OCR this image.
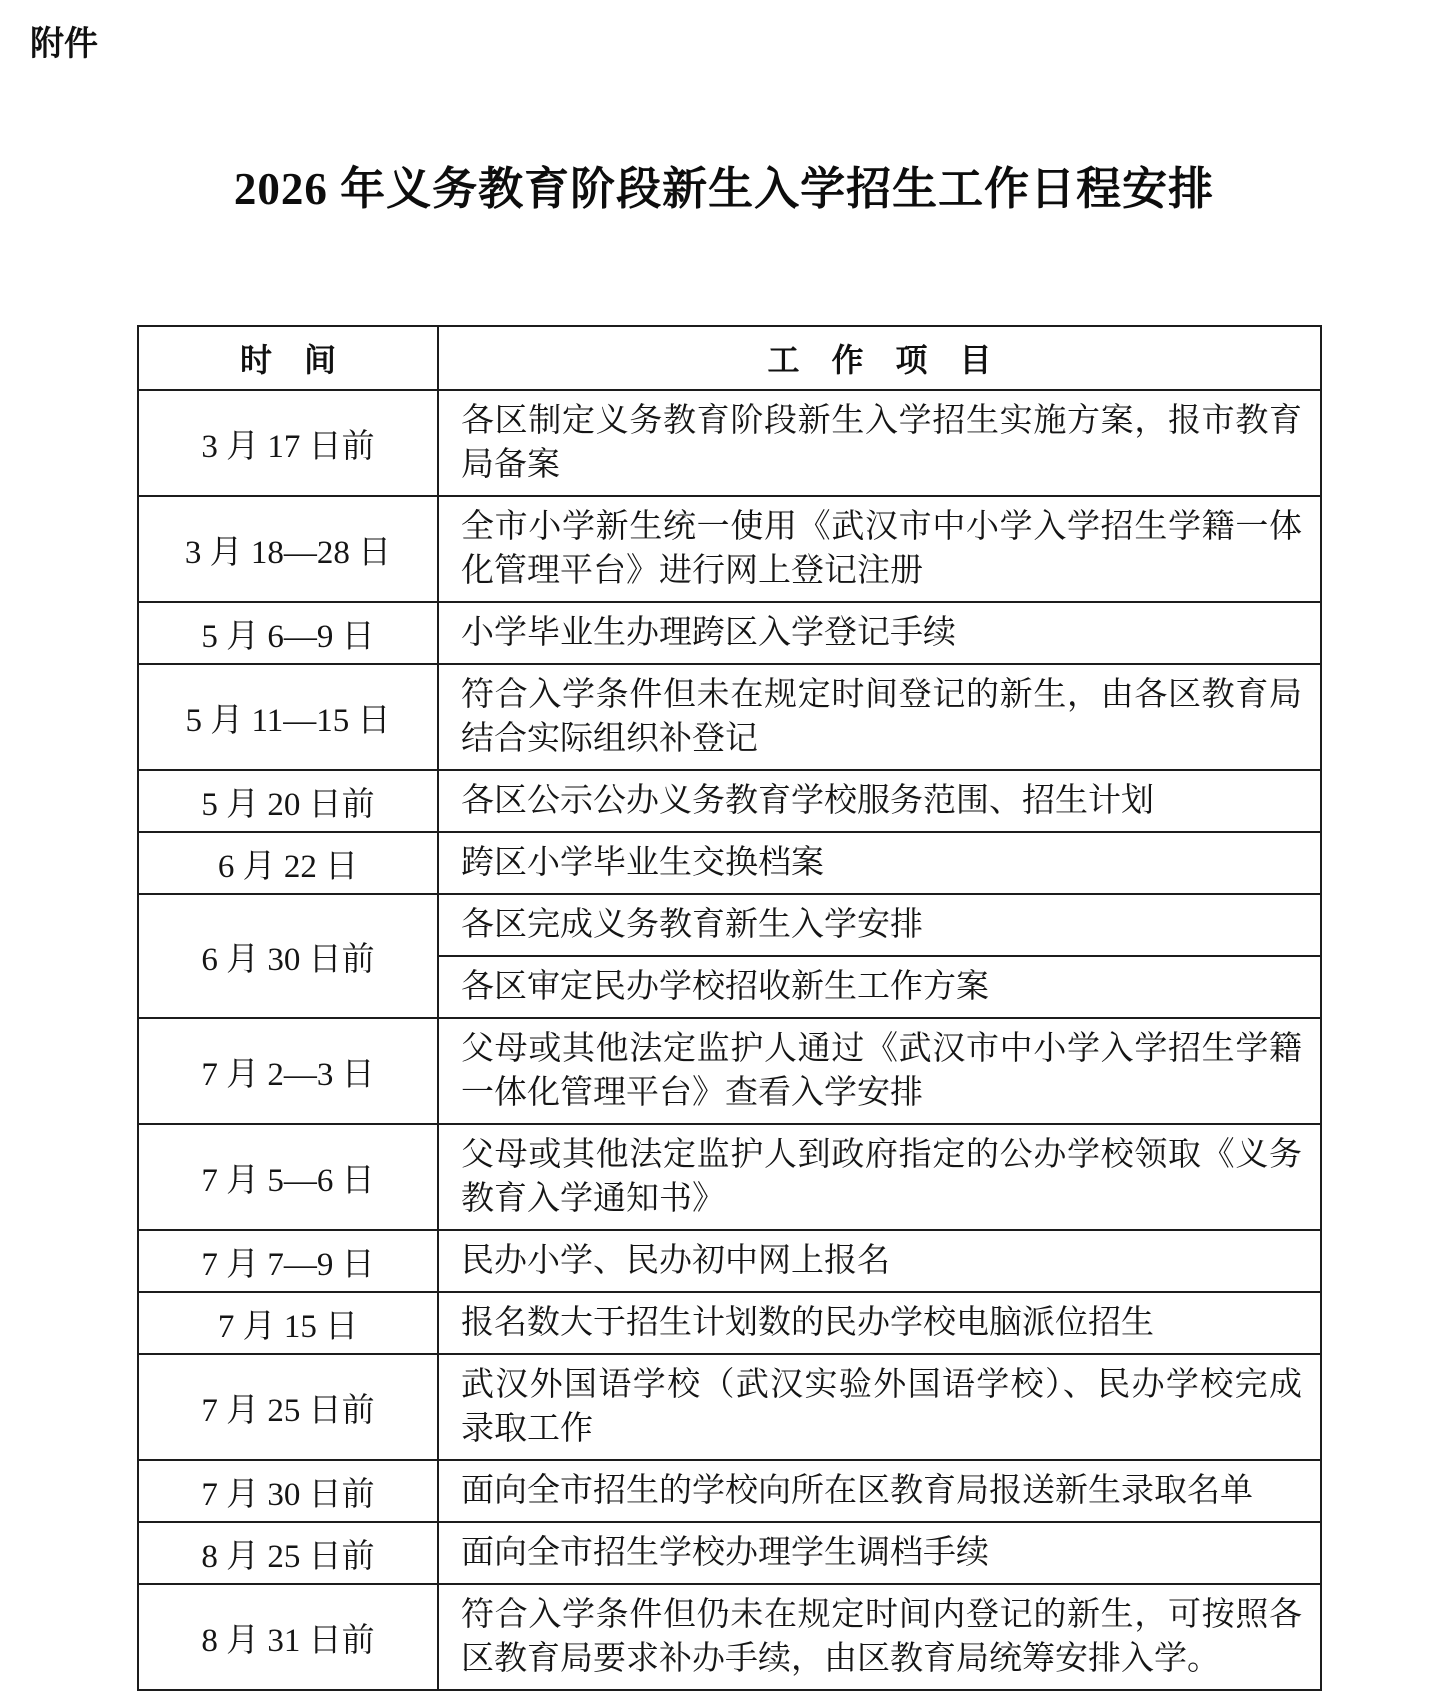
附件
2026 年义务教育阶段新生入学招生工作日程安排
时　间	工　作　项　目
3 月 17 日前	各区制定义务教育阶段新生入学招生实施方案，报市教育局备案
3 月 18—28 日	全市小学新生统一使用《武汉市中小学入学招生学籍一体化管理平台》进行网上登记注册
5 月 6—9 日	小学毕业生办理跨区入学登记手续
5 月 11—15 日	符合入学条件但未在规定时间登记的新生，由各区教育局结合实际组织补登记
5 月 20 日前	各区公示公办义务教育学校服务范围、招生计划
6 月 22 日	跨区小学毕业生交换档案
6 月 30 日前	各区完成义务教育新生入学安排
	各区审定民办学校招收新生工作方案
7 月 2—3 日	父母或其他法定监护人通过《武汉市中小学入学招生学籍一体化管理平台》查看入学安排
7 月 5—6 日	父母或其他法定监护人到政府指定的公办学校领取《义务教育入学通知书》
7 月 7—9 日	民办小学、民办初中网上报名
7 月 15 日	报名数大于招生计划数的民办学校电脑派位招生
7 月 25 日前	武汉外国语学校（武汉实验外国语学校）、民办学校完成录取工作
7 月 30 日前	面向全市招生的学校向所在区教育局报送新生录取名单
8 月 25 日前	面向全市招生学校办理学生调档手续
8 月 31 日前	符合入学条件但仍未在规定时间内登记的新生，可按照各区教育局要求补办手续，由区教育局统筹安排入学。
